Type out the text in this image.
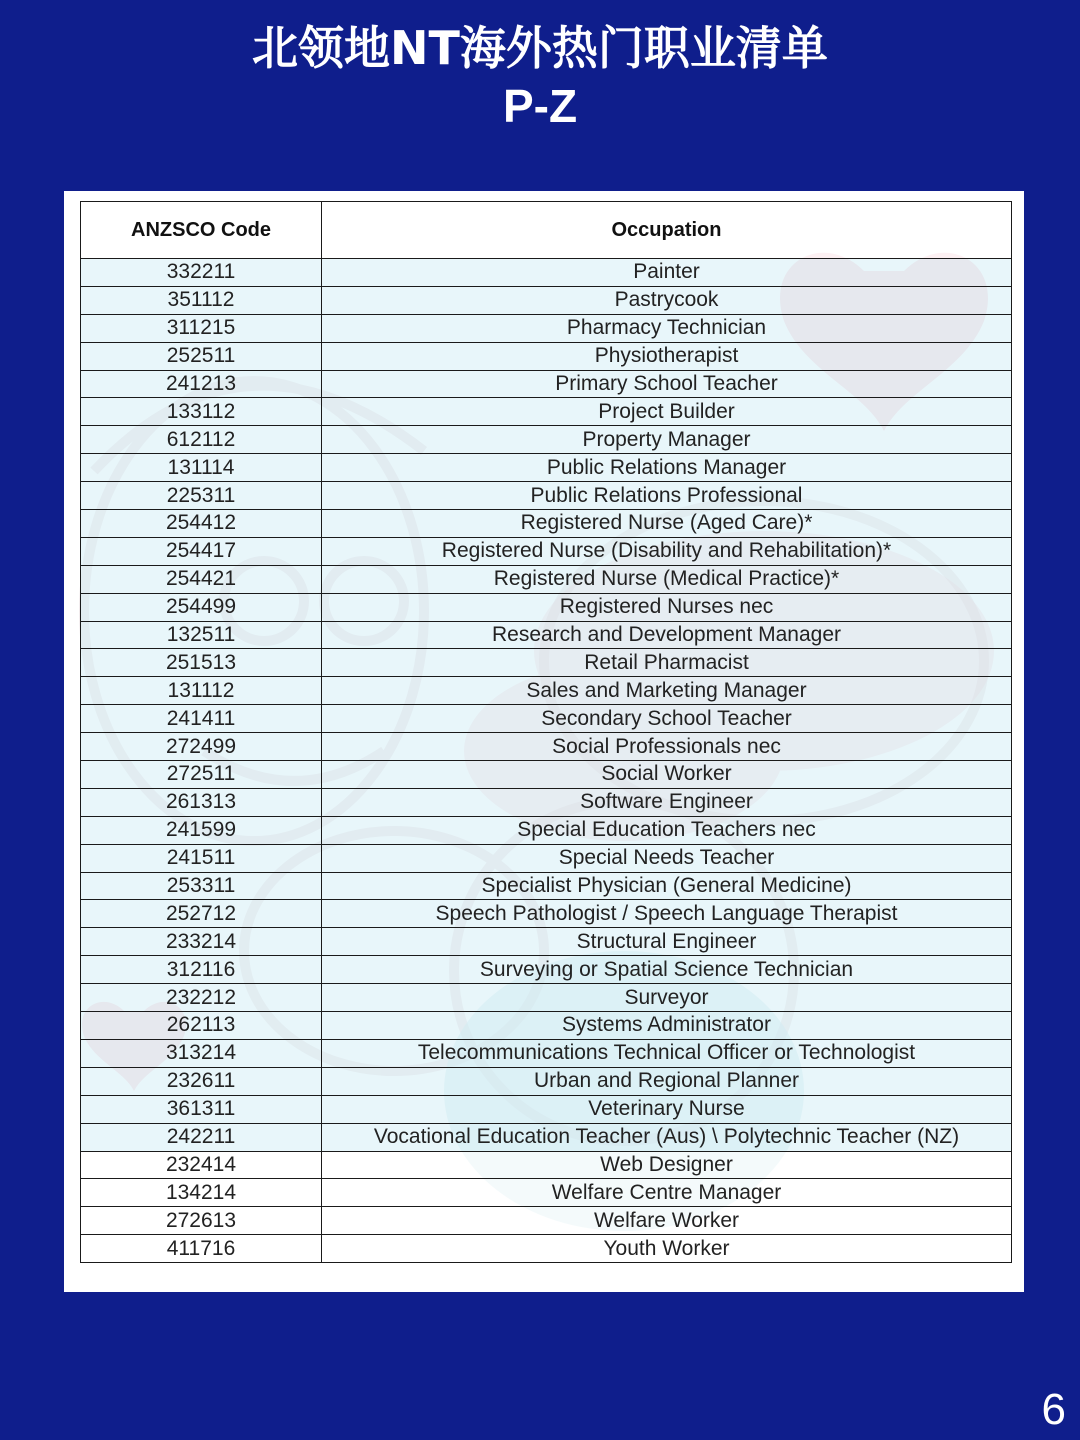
北领地NT海外热门职业清单
P-Z
ANZSCO Code	Occupation
332211	Painter
351112	Pastrycook
311215	Pharmacy Technician
252511	Physiotherapist
241213	Primary School Teacher
133112	Project Builder
612112	Property Manager
131114	Public Relations Manager
225311	Public Relations Professional
254412	Registered Nurse (Aged Care)*
254417	Registered Nurse (Disability and Rehabilitation)*
254421	Registered Nurse (Medical Practice)*
254499	Registered Nurses nec
132511	Research and Development Manager
251513	Retail Pharmacist
131112	Sales and Marketing Manager
241411	Secondary School Teacher
272499	Social Professionals nec
272511	Social Worker
261313	Software Engineer
241599	Special Education Teachers nec
241511	Special Needs Teacher
253311	Specialist Physician (General Medicine)
252712	Speech Pathologist / Speech Language Therapist
233214	Structural Engineer
312116	Surveying or Spatial Science Technician
232212	Surveyor
262113	Systems Administrator
313214	Telecommunications Technical Officer or Technologist
232611	Urban and Regional Planner
361311	Veterinary Nurse
242211	Vocational Education Teacher (Aus) \ Polytechnic Teacher (NZ)
232414	Web Designer
134214	Welfare Centre Manager
272613	Welfare Worker
411716	Youth Worker
6
